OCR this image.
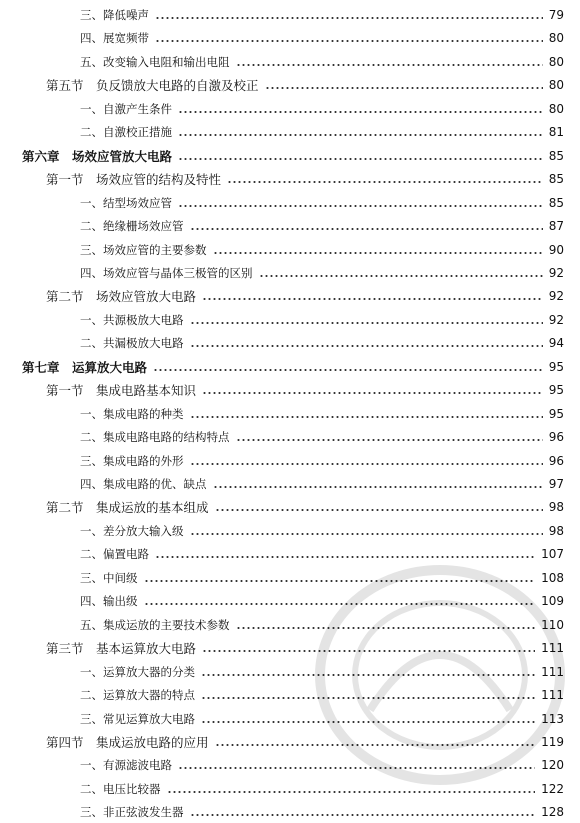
三、降低噪声	79
四、展宽频带	80
五、改变输入电阻和输出电阻	80
第五节　负反馈放大电路的自激及校正	80
一、自激产生条件	80
二、自激校正措施	81
第六章　场效应管放大电路	85
第一节　场效应管的结构及特性	85
一、结型场效应管	85
二、绝缘栅场效应管	87
三、场效应管的主要参数	90
四、场效应管与晶体三极管的区别	92
第二节　场效应管放大电路	92
一、共源极放大电路	92
二、共漏极放大电路	94
第七章　运算放大电路	95
第一节　集成电路基本知识	95
一、集成电路的种类	95
二、集成电路电路的结构特点	96
三、集成电路的外形	96
四、集成电路的优、缺点	97
第二节　集成运放的基本组成	98
一、差分放大输入级	98
二、偏置电路	107
三、中间级	108
四、输出级	109
五、集成运放的主要技术参数	110
第三节　基本运算放大电路	111
一、运算放大器的分类	111
二、运算放大器的特点	111
三、常见运算放大电路	113
第四节　集成运放电路的应用	119
一、有源滤波电路	120
二、电压比较器	122
三、非正弦波发生器	128
